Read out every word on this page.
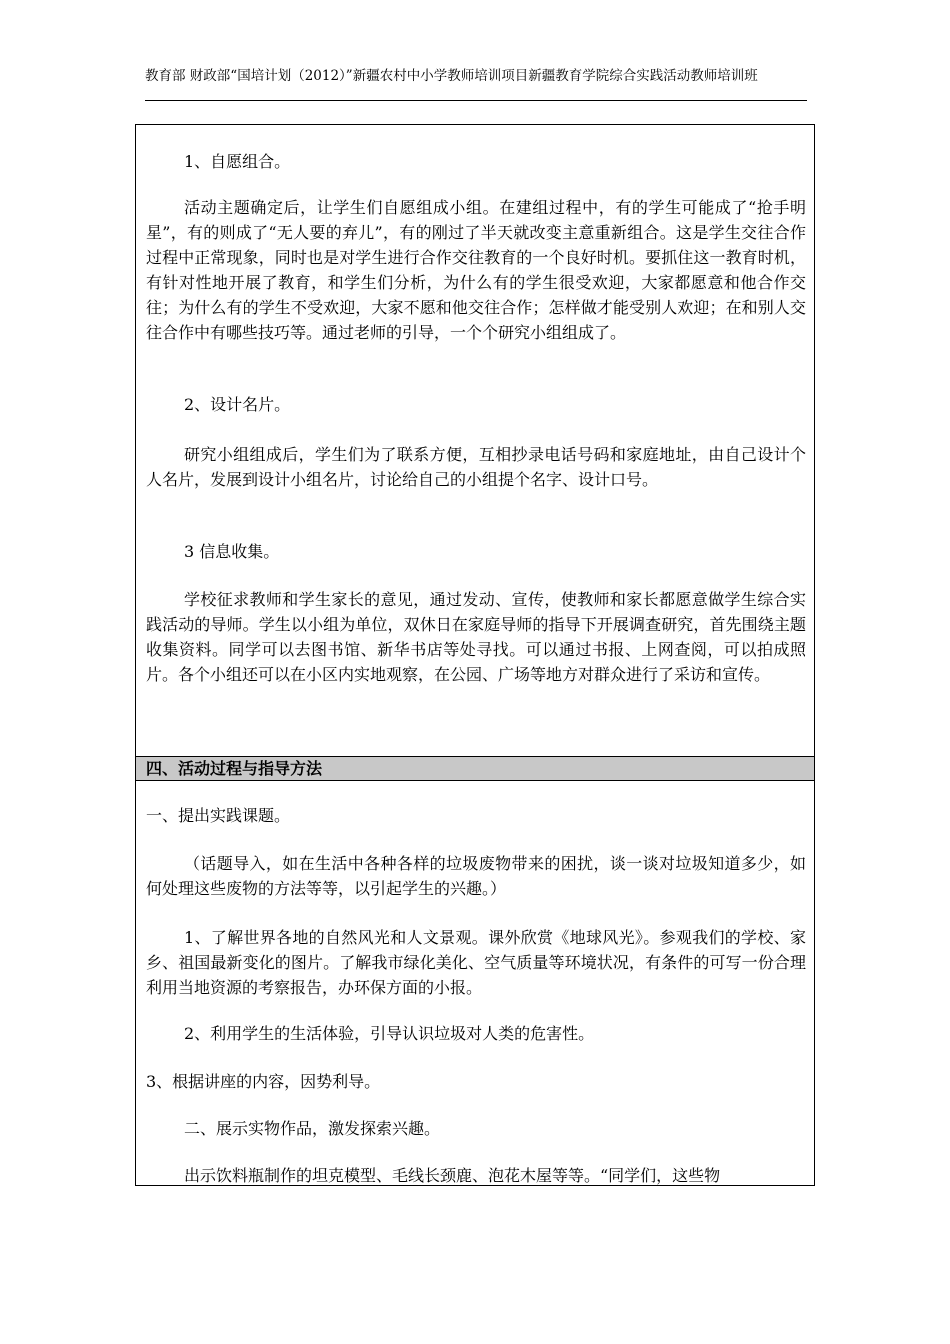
教育部 财政部“国培计划（2012）”新疆农村中小学教师培训项目新疆教育学院综合实践活动教师培训班

1、自愿组合。

活动主题确定后，让学生们自愿组成小组。在建组过程中，有的学生可能成了“抢手明星”，有的则成了“无人要的弃儿”，有的刚过了半天就改变主意重新组合。这是学生交往合作过程中正常现象，同时也是对学生进行合作交往教育的一个良好时机。要抓住这一教育时机，有针对性地开展了教育，和学生们分析，为什么有的学生很受欢迎，大家都愿意和他合作交往；为什么有的学生不受欢迎，大家不愿和他交往合作；怎样做才能受别人欢迎；在和别人交往合作中有哪些技巧等。通过老师的引导，一个个研究小组组成了。

2、设计名片。

研究小组组成后，学生们为了联系方便，互相抄录电话号码和家庭地址，由自己设计个人名片，发展到设计小组名片，讨论给自己的小组提个名字、设计口号。

3 信息收集。

学校征求教师和学生家长的意见，通过发动、宣传，使教师和家长都愿意做学生综合实践活动的导师。学生以小组为单位，双休日在家庭导师的指导下开展调查研究，首先围绕主题收集资料。同学可以去图书馆、新华书店等处寻找。可以通过书报、上网查阅，可以拍成照片。各个小组还可以在小区内实地观察，在公园、广场等地方对群众进行了采访和宣传。

四、活动过程与指导方法

一、提出实践课题。

（话题导入，如在生活中各种各样的垃圾废物带来的困扰，谈一谈对垃圾知道多少，如何处理这些废物的方法等等，以引起学生的兴趣。）

1、了解世界各地的自然风光和人文景观。课外欣赏《地球风光》。参观我们的学校、家乡、祖国最新变化的图片。了解我市绿化美化、空气质量等环境状况，有条件的可写一份合理利用当地资源的考察报告，办环保方面的小报。

2、利用学生的生活体验，引导认识垃圾对人类的危害性。

3、根据讲座的内容，因势利导。

二、展示实物作品，激发探索兴趣。

出示饮料瓶制作的坦克模型、毛线长颈鹿、泡花木屋等等。“同学们，这些物
